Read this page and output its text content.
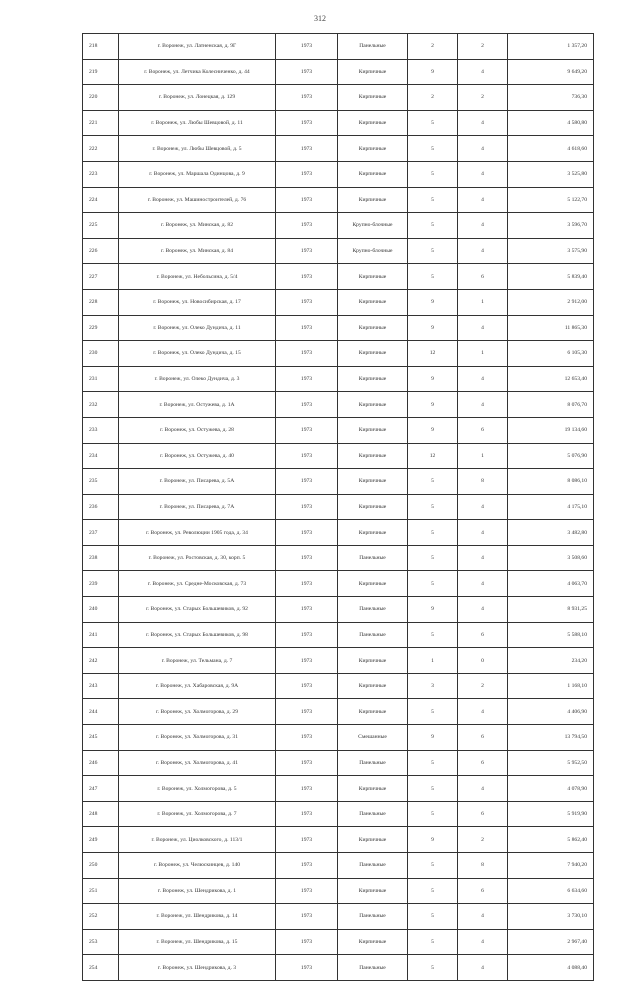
312
218	г. Воронеж, ул. Латненская, д. 9Г	1973	Панельные	2	2	1 357,20
219	г. Воронеж, ул. Летчика Колесниченко, д. 44	1973	Кирпичные	9	4	9 649,20
220	г. Воронеж, ул. Лонецкая, д. 129	1973	Кирпичные	2	2	736,30
221	г. Воронеж, ул. Любы Шевцовой, д. 11	1973	Кирпичные	5	4	4 580,80
222	г. Воронеж, ул. Любы Шевцовой, д. 5	1973	Кирпичные	5	4	4 618,60
223	г. Воронеж, ул. Маршала Одинцова, д. 9	1973	Кирпичные	5	4	3 525,80
224	г. Воронеж, ул. Машиностроителей, д. 76	1973	Кирпичные	5	4	5 122,70
225	г. Воронеж, ул. Минская, д. 82	1973	Крупно-блочные	5	4	3 596,70
226	г. Воронеж, ул. Минская, д. 84	1973	Крупно-блочные	5	4	3 575,90
227	г. Воронеж, ул. Небольсина, д. 5/4	1973	Кирпичные	5	6	5 839,40
228	г. Воронеж, ул. Новосибирская, д. 17	1973	Кирпичные	9	1	2 912,00
229	г. Воронеж, ул. Олеко Дундича, д. 11	1973	Кирпичные	9	4	11 865,30
230	г. Воронеж, ул. Олеко Дундича, д. 15	1973	Кирпичные	12	1	6 105,30
231	г. Воронеж, ул. Олеко Дундича, д. 3	1973	Кирпичные	9	4	12 653,40
232	г. Воронеж, ул. Остужева, д. 1А	1973	Кирпичные	9	4	8 076,70
233	г. Воронеж, ул. Остужева, д. 28	1973	Кирпичные	9	6	19 134,60
234	г. Воронеж, ул. Остужева, д. 40	1973	Кирпичные	12	1	5 076,90
235	г. Воронеж, ул. Писарева, д. 5А	1973	Кирпичные	5	8	8 086,10
236	г. Воронеж, ул. Писарева, д. 7А	1973	Кирпичные	5	4	4 175,10
237	г. Воронеж, ул. Революции 1905 года, д. 34	1973	Кирпичные	5	4	3 482,80
238	г. Воронеж, ул. Ростовская, д. 30, корп. 5	1973	Панельные	5	4	3 508,60
239	г. Воронеж, ул. Средне-Московская, д. 73	1973	Кирпичные	5	4	4 063,70
240	г. Воронеж, ул. Старых Большевиков, д. 92	1973	Панельные	9	4	8 931,25
241	г. Воронеж, ул. Старых Большевиков, д. 98	1973	Панельные	5	6	5 588,10
242	г. Воронеж, ул. Тельмана, д. 7	1973	Кирпичные	1	0	234,20
243	г. Воронеж, ул. Хабаровская, д. 9А	1973	Кирпичные	3	2	1 168,10
244	г. Воронеж, ул. Холмогорова, д. 29	1973	Кирпичные	5	4	4 406,90
245	г. Воронеж, ул. Холмогорова, д. 31	1973	Смешанные	9	6	13 794,50
246	г. Воронеж, ул. Холмогорова, д. 41	1973	Панельные	5	6	5 952,50
247	г. Воронеж, ул. Холмогорова, д. 5	1973	Кирпичные	5	4	4 078,90
248	г. Воронеж, ул. Холмогорова, д. 7	1973	Панельные	5	6	5 919,90
249	г. Воронеж, ул. Циолковского, д. 113/1	1973	Кирпичные	9	2	5 862,40
250	г. Воронеж, ул. Челюскинцев, д. 140	1973	Панельные	5	8	7 940,20
251	г. Воронеж, ул. Шендрикова, д. 1	1973	Кирпичные	5	6	6 634,60
252	г. Воронеж, ул. Шендрикова, д. 14	1973	Панельные	5	4	3 730,10
253	г. Воронеж, ул. Шендрикова, д. 15	1973	Кирпичные	5	4	2 967,40
254	г. Воронеж, ул. Шендрикова, д. 3	1973	Панельные	5	4	4 088,40
